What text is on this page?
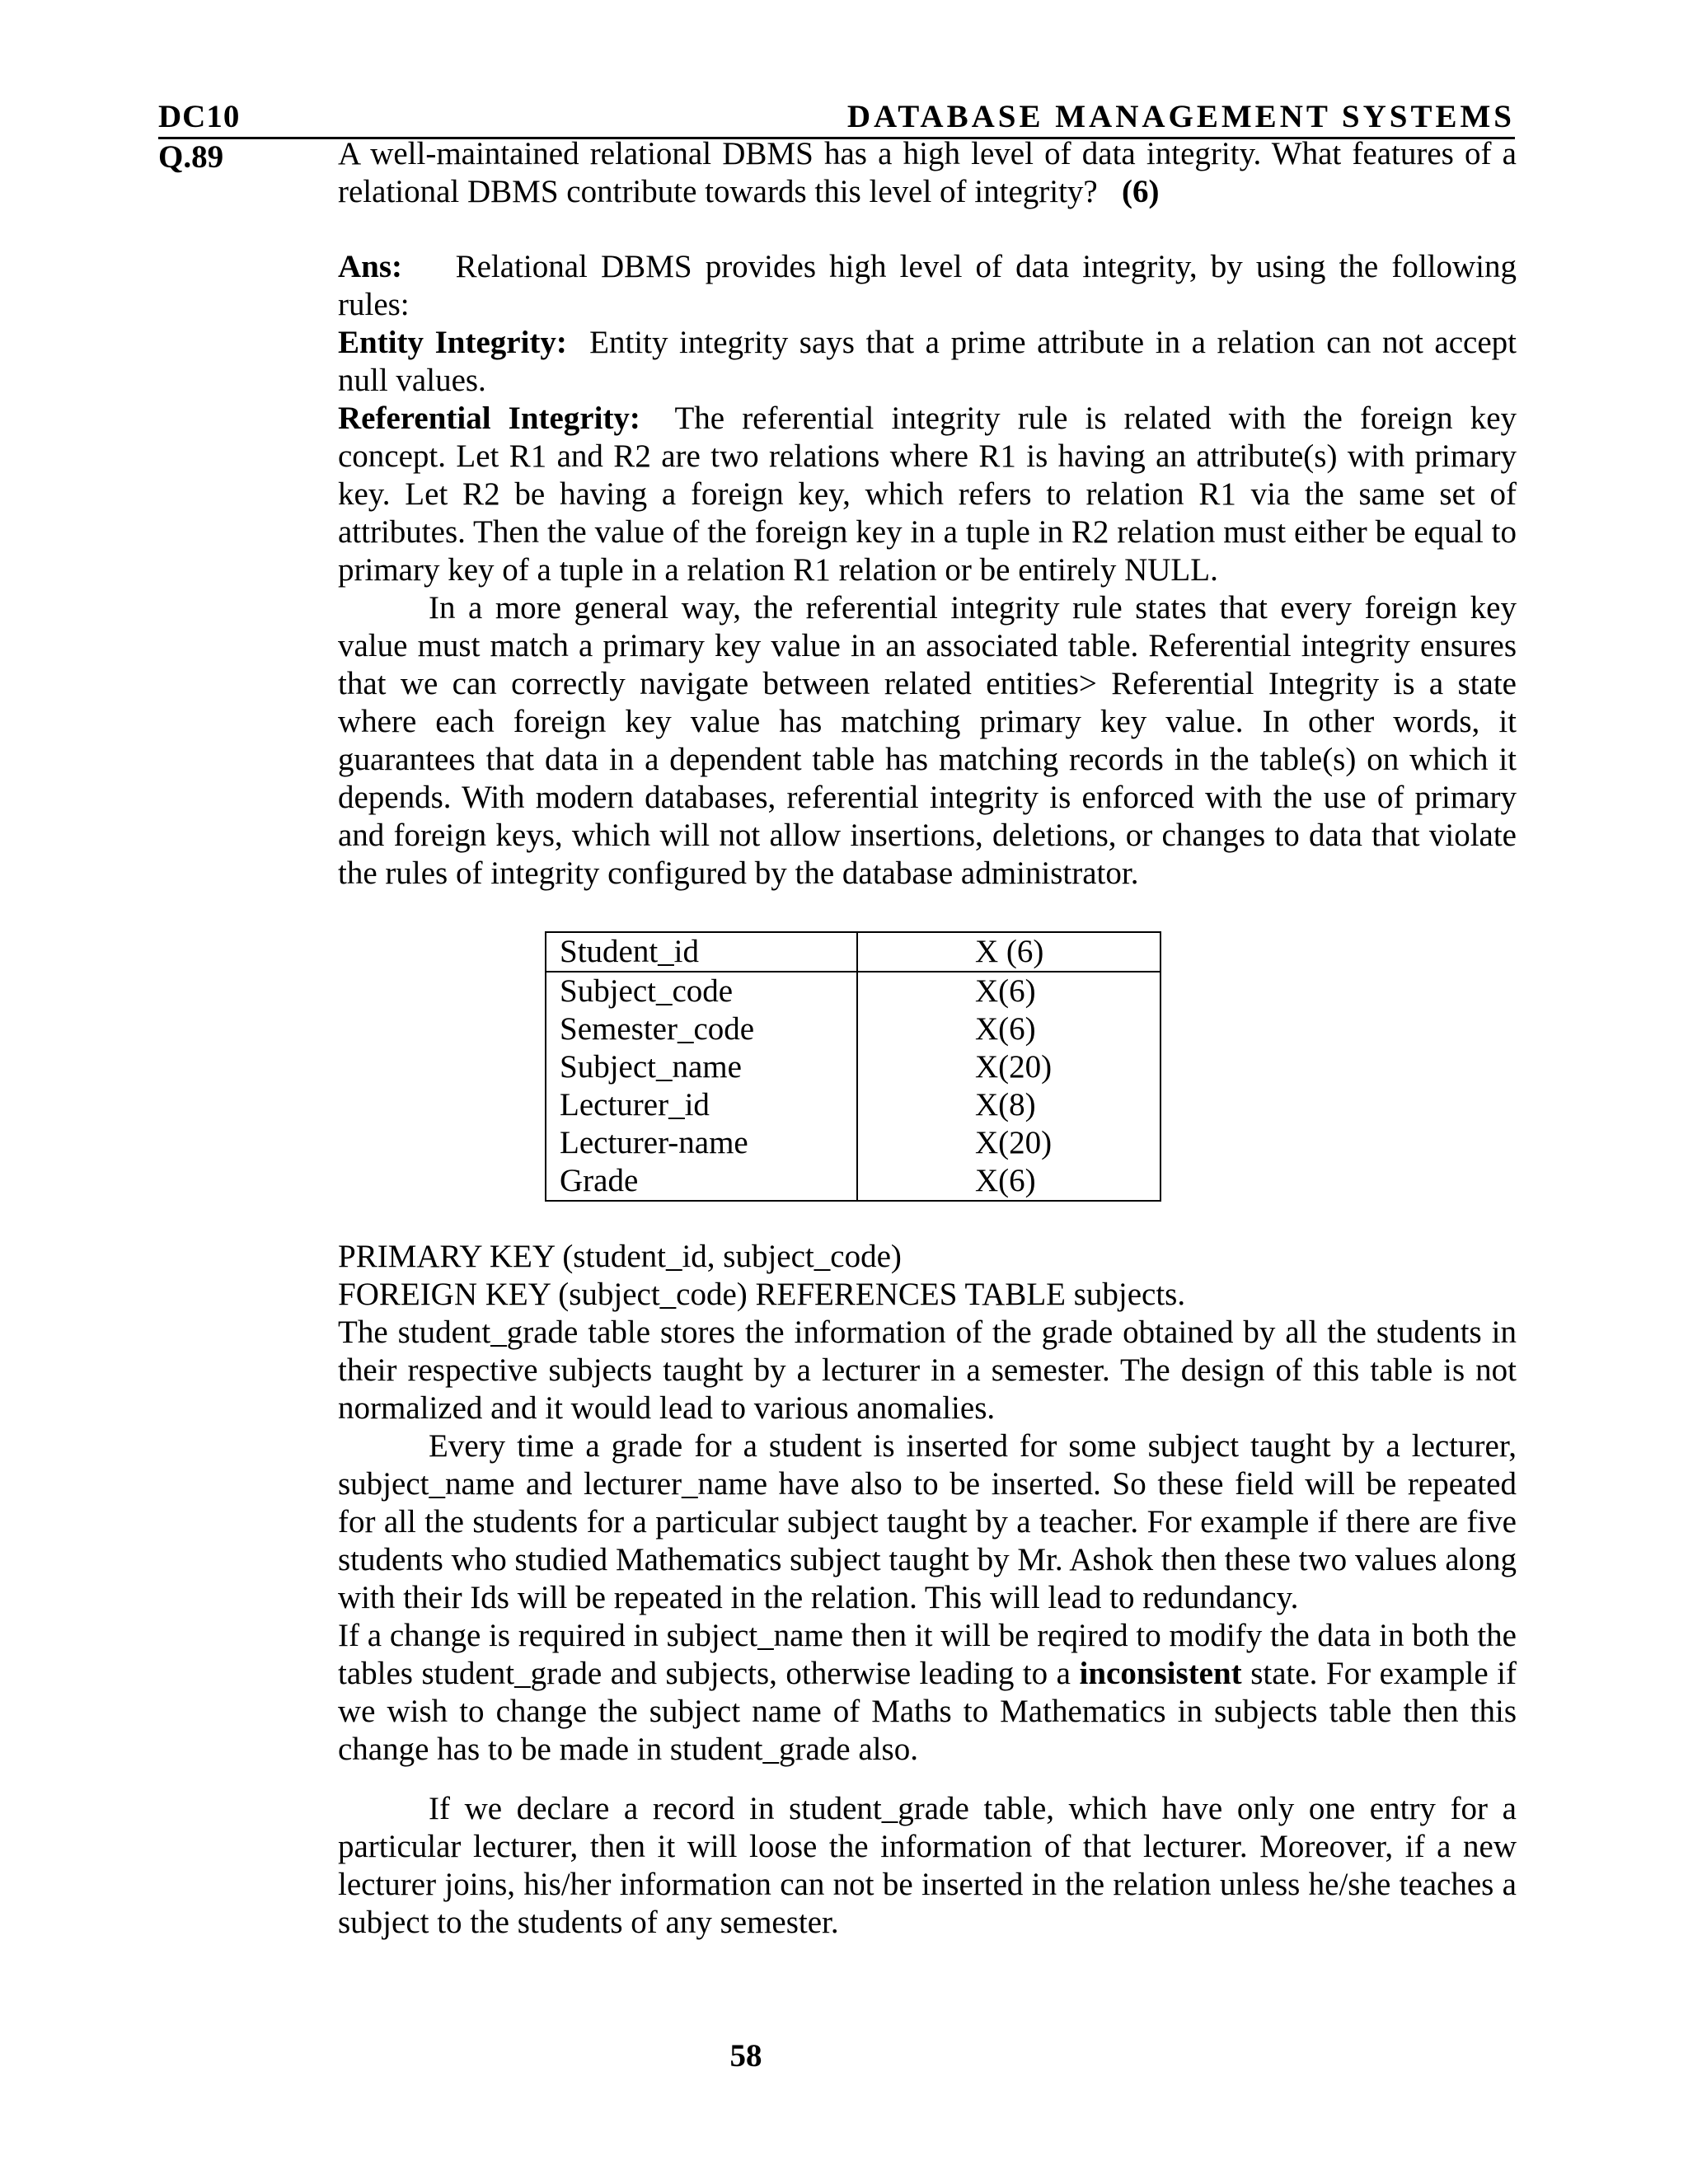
DC10	DATABASE MANAGEMENT SYSTEMS
Q.89	A well-maintained relational DBMS has a high level of data integrity. What features of a relational DBMS contribute towards this level of integrity? (6)

Ans: Relational DBMS provides high level of data integrity, by using the following rules:

Entity Integrity: Entity integrity says that a prime attribute in a relation can not accept null values.

Referential Integrity: The referential integrity rule is related with the foreign key concept. Let R1 and R2 are two relations where R1 is having an attribute(s) with primary key. Let R2 be having a foreign key, which refers to relation R1 via the same set of attributes. Then the value of the foreign key in a tuple in R2 relation must either be equal to primary key of a tuple in a relation R1 relation or be entirely NULL.

In a more general way, the referential integrity rule states that every foreign key value must match a primary key value in an associated table. Referential integrity ensures that we can correctly navigate between related entities> Referential Integrity is a state where each foreign key value has matching primary key value. In other words, it guarantees that data in a dependent table has matching records in the table(s) on which it depends. With modern databases, referential integrity is enforced with the use of primary and foreign keys, which will not allow insertions, deletions, or changes to data that violate the rules of integrity configured by the database administrator.

Student_id	X (6)
Subject_code	X(6)
Semester_code	X(6)
Subject_name	X(20)
Lecturer_id	X(8)
Lecturer-name	X(20)
Grade	X(6)

PRIMARY KEY (student_id, subject_code)

FOREIGN KEY (subject_code) REFERENCES TABLE subjects.

The student_grade table stores the information of the grade obtained by all the students in their respective subjects taught by a lecturer in a semester. The design of this table is not normalized and it would lead to various anomalies.

Every time a grade for a student is inserted for some subject taught by a lecturer, subject_name and lecturer_name have also to be inserted. So these field will be repeated for all the students for a particular subject taught by a teacher. For example if there are five students who studied Mathematics subject taught by Mr. Ashok then these two values along with their Ids will be repeated in the relation. This will lead to redundancy.

If a change is required in subject_name then it will be reqired to modify the data in both the tables student_grade and subjects, otherwise leading to a inconsistent state. For example if we wish to change the subject name of Maths to Mathematics in subjects table then this change has to be made in student_grade also.

If we declare a record in student_grade table, which have only one entry for a particular lecturer, then it will loose the information of that lecturer. Moreover, if a new lecturer joins, his/her information can not be inserted in the relation unless he/she teaches a subject to the students of any semester.

58
